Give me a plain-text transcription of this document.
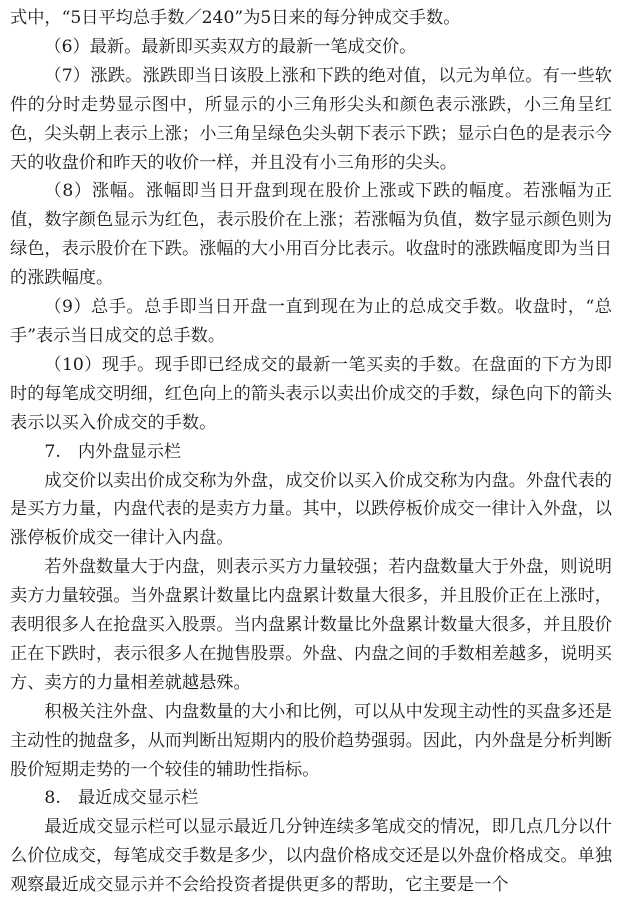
式中，“5日平均总手数／240”为5日来的每分钟成交手数。

（6）最新。最新即买卖双方的最新一笔成交价。

（7）涨跌。涨跌即当日该股上涨和下跌的绝对值，以元为单位。有一些软件的分时走势显示图中，所显示的小三角形尖头和颜色表示涨跌，小三角呈红色，尖头朝上表示上涨；小三角呈绿色尖头朝下表示下跌；显示白色的是表示今天的收盘价和昨天的收价一样，并且没有小三角形的尖头。

（8）涨幅。涨幅即当日开盘到现在股价上涨或下跌的幅度。若涨幅为正值，数字颜色显示为红色，表示股价在上涨；若涨幅为负值，数字显示颜色则为绿色，表示股价在下跌。涨幅的大小用百分比表示。收盘时的涨跌幅度即为当日的涨跌幅度。

（9）总手。总手即当日开盘一直到现在为止的总成交手数。收盘时，“总手”表示当日成交的总手数。

（10）现手。现手即已经成交的最新一笔买卖的手数。在盘面的下方为即时的每笔成交明细，红色向上的箭头表示以卖出价成交的手数，绿色向下的箭头表示以买入价成交的手数。

7.　内外盘显示栏

成交价以卖出价成交称为外盘，成交价以买入价成交称为内盘。外盘代表的是买方力量，内盘代表的是卖方力量。其中，以跌停板价成交一律计入外盘，以涨停板价成交一律计入内盘。

若外盘数量大于内盘，则表示买方力量较强；若内盘数量大于外盘，则说明卖方力量较强。当外盘累计数量比内盘累计数量大很多，并且股价正在上涨时，表明很多人在抢盘买入股票。当内盘累计数量比外盘累计数量大很多，并且股价正在下跌时，表示很多人在抛售股票。外盘、内盘之间的手数相差越多，说明买方、卖方的力量相差就越悬殊。

积极关注外盘、内盘数量的大小和比例，可以从中发现主动性的买盘多还是主动性的抛盘多，从而判断出短期内的股价趋势强弱。因此，内外盘是分析判断股价短期走势的一个较佳的辅助性指标。

8.　最近成交显示栏

最近成交显示栏可以显示最近几分钟连续多笔成交的情况，即几点几分以什么价位成交，每笔成交手数是多少，以内盘价格成交还是以外盘价格成交。单独观察最近成交显示并不会给投资者提供更多的帮助，它主要是一个
